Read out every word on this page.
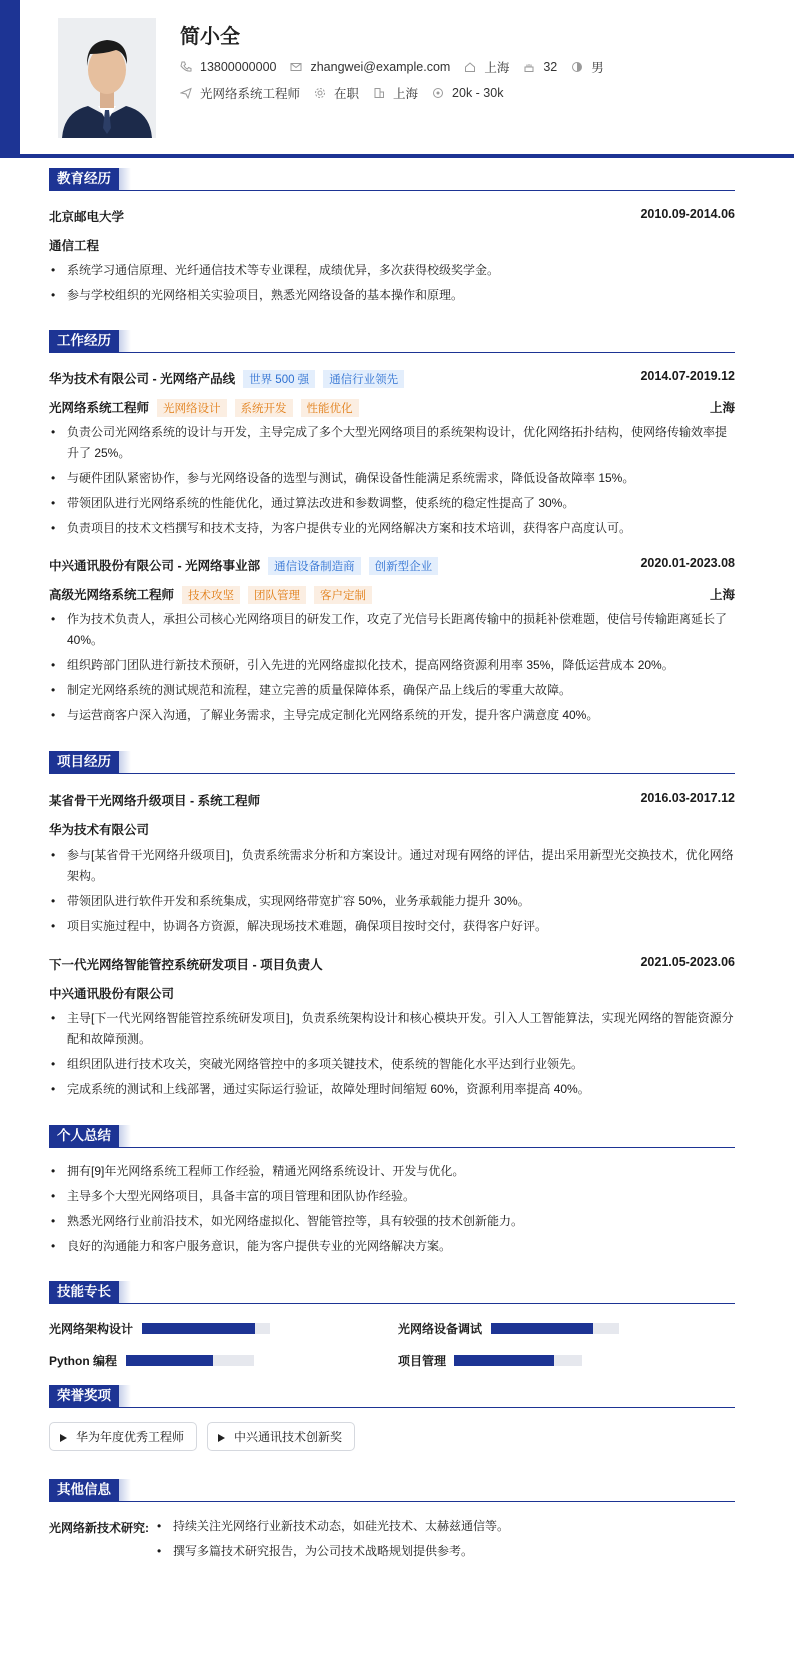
简小全
13800000000	zhangwei@example.com	上海	32	男
光网络系统工程师	在职	上海	20k - 30k
教育经历
北京邮电大学	2010.09-2014.06
通信工程
• 系统学习通信原理、光纤通信技术等专业课程，成绩优异，多次获得校级奖学金。
• 参与学校组织的光网络相关实验项目，熟悉光网络设备的基本操作和原理。
工作经历
华为技术有限公司 - 光网络产品线 世界 500 强 通信行业领先	2014.07-2019.12
光网络系统工程师 光网络设计 系统开发 性能优化	上海
• 负责公司光网络系统的设计与开发，主导完成了多个大型光网络项目的系统架构设计，优化网络拓扑结构，使网络传输效率提升了 25%。
• 与硬件团队紧密协作，参与光网络设备的选型与测试，确保设备性能满足系统需求，降低设备故障率 15%。
• 带领团队进行光网络系统的性能优化，通过算法改进和参数调整，使系统的稳定性提高了 30%。
• 负责项目的技术文档撰写和技术支持，为客户提供专业的光网络解决方案和技术培训，获得客户高度认可。
中兴通讯股份有限公司 - 光网络事业部 通信设备制造商 创新型企业	2020.01-2023.08
高级光网络系统工程师 技术攻坚 团队管理 客户定制	上海
• 作为技术负责人，承担公司核心光网络项目的研发工作，攻克了光信号长距离传输中的损耗补偿难题，使信号传输距离延长了 40%。
• 组织跨部门团队进行新技术预研，引入先进的光网络虚拟化技术，提高网络资源利用率 35%，降低运营成本 20%。
• 制定光网络系统的测试规范和流程，建立完善的质量保障体系，确保产品上线后的零重大故障。
• 与运营商客户深入沟通，了解业务需求，主导完成定制化光网络系统的开发，提升客户满意度 40%。
项目经历
某省骨干光网络升级项目 - 系统工程师	2016.03-2017.12
华为技术有限公司
• 参与[某省骨干光网络升级项目]，负责系统需求分析和方案设计。通过对现有网络的评估，提出采用新型光交换技术，优化网络架构。
• 带领团队进行软件开发和系统集成，实现网络带宽扩容 50%，业务承载能力提升 30%。
• 项目实施过程中，协调各方资源，解决现场技术难题，确保项目按时交付，获得客户好评。
下一代光网络智能管控系统研发项目 - 项目负责人	2021.05-2023.06
中兴通讯股份有限公司
• 主导[下一代光网络智能管控系统研发项目]，负责系统架构设计和核心模块开发。引入人工智能算法，实现光网络的智能资源分配和故障预测。
• 组织团队进行技术攻关，突破光网络管控中的多项关键技术，使系统的智能化水平达到行业领先。
• 完成系统的测试和上线部署，通过实际运行验证，故障处理时间缩短 60%，资源利用率提高 40%。
个人总结
• 拥有[9]年光网络系统工程师工作经验，精通光网络系统设计、开发与优化。
• 主导多个大型光网络项目，具备丰富的项目管理和团队协作经验。
• 熟悉光网络行业前沿技术，如光网络虚拟化、智能管控等，具有较强的技术创新能力。
• 良好的沟通能力和客户服务意识，能为客户提供专业的光网络解决方案。
技能专长
光网络架构设计	光网络设备调试
Python 编程	项目管理
荣誉奖项
华为年度优秀工程师	中兴通讯技术创新奖
其他信息
光网络新技术研究:
•	持续关注光网络行业新技术动态，如硅光技术、太赫兹通信等。
• 撰写多篇技术研究报告，为公司技术战略规划提供参考。
